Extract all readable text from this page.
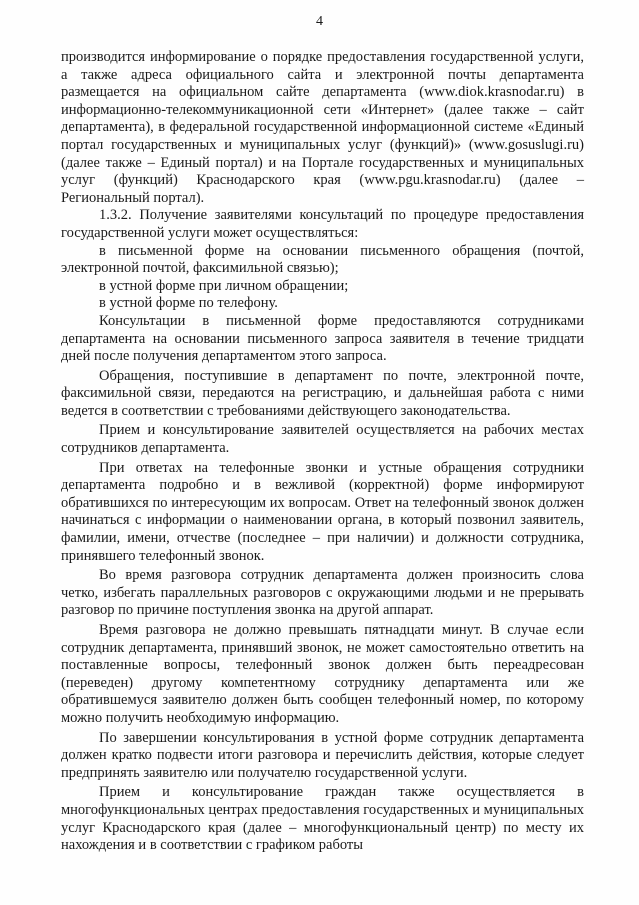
4

производится информирование о порядке предоставления государственной услуги, а также адреса официального сайта и электронной почты департамента размещается на официальном сайте департамента (www.diok.krasnodar.ru) в информационно-телекоммуникационной сети «Интернет» (далее также – сайт департамента), в федеральной государственной информационной системе «Единый портал государственных и муниципальных услуг (функций)» (www.gosuslugi.ru) (далее также – Единый портал) и на Портале государственных и муниципальных услуг (функций) Краснодарского края (www.pgu.krasnodar.ru) (далее – Региональный портал).

1.3.2. Получение заявителями консультаций по процедуре предоставления государственной услуги может осуществляться:

в письменной форме на основании письменного обращения (почтой, электронной почтой, факсимильной связью);

в устной форме при личном обращении;

в устной форме по телефону.

Консультации в письменной форме предоставляются сотрудниками департамента на основании письменного запроса заявителя в течение тридцати дней после получения департаментом этого запроса.

Обращения, поступившие в департамент по почте, электронной почте, факсимильной связи, передаются на регистрацию, и дальнейшая работа с ними ведется в соответствии с требованиями действующего законодательства.

Прием и консультирование заявителей осуществляется на рабочих местах сотрудников департамента.

При ответах на телефонные звонки и устные обращения сотрудники департамента подробно и в вежливой (корректной) форме информируют обратившихся по интересующим их вопросам. Ответ на телефонный звонок должен начинаться с информации о наименовании органа, в который позвонил заявитель, фамилии, имени, отчестве (последнее – при наличии) и должности сотрудника, принявшего телефонный звонок.

Во время разговора сотрудник департамента должен произносить слова четко, избегать параллельных разговоров с окружающими людьми и не прерывать разговор по причине поступления звонка на другой аппарат.

Время разговора не должно превышать пятнадцати минут. В случае если сотрудник департамента, принявший звонок, не может самостоятельно ответить на поставленные вопросы, телефонный звонок должен быть переадресован (переведен) другому компетентному сотруднику департамента или же обратившемуся заявителю должен быть сообщен телефонный номер, по которому можно получить необходимую информацию.

По завершении консультирования в устной форме сотрудник департамента должен кратко подвести итоги разговора и перечислить действия, которые следует предпринять заявителю или получателю государственной услуги.

Прием и консультирование граждан также осуществляется в многофункциональных центрах предоставления государственных и муниципальных услуг Краснодарского края (далее – многофункциональный центр) по месту их нахождения и в соответствии с графиком работы
